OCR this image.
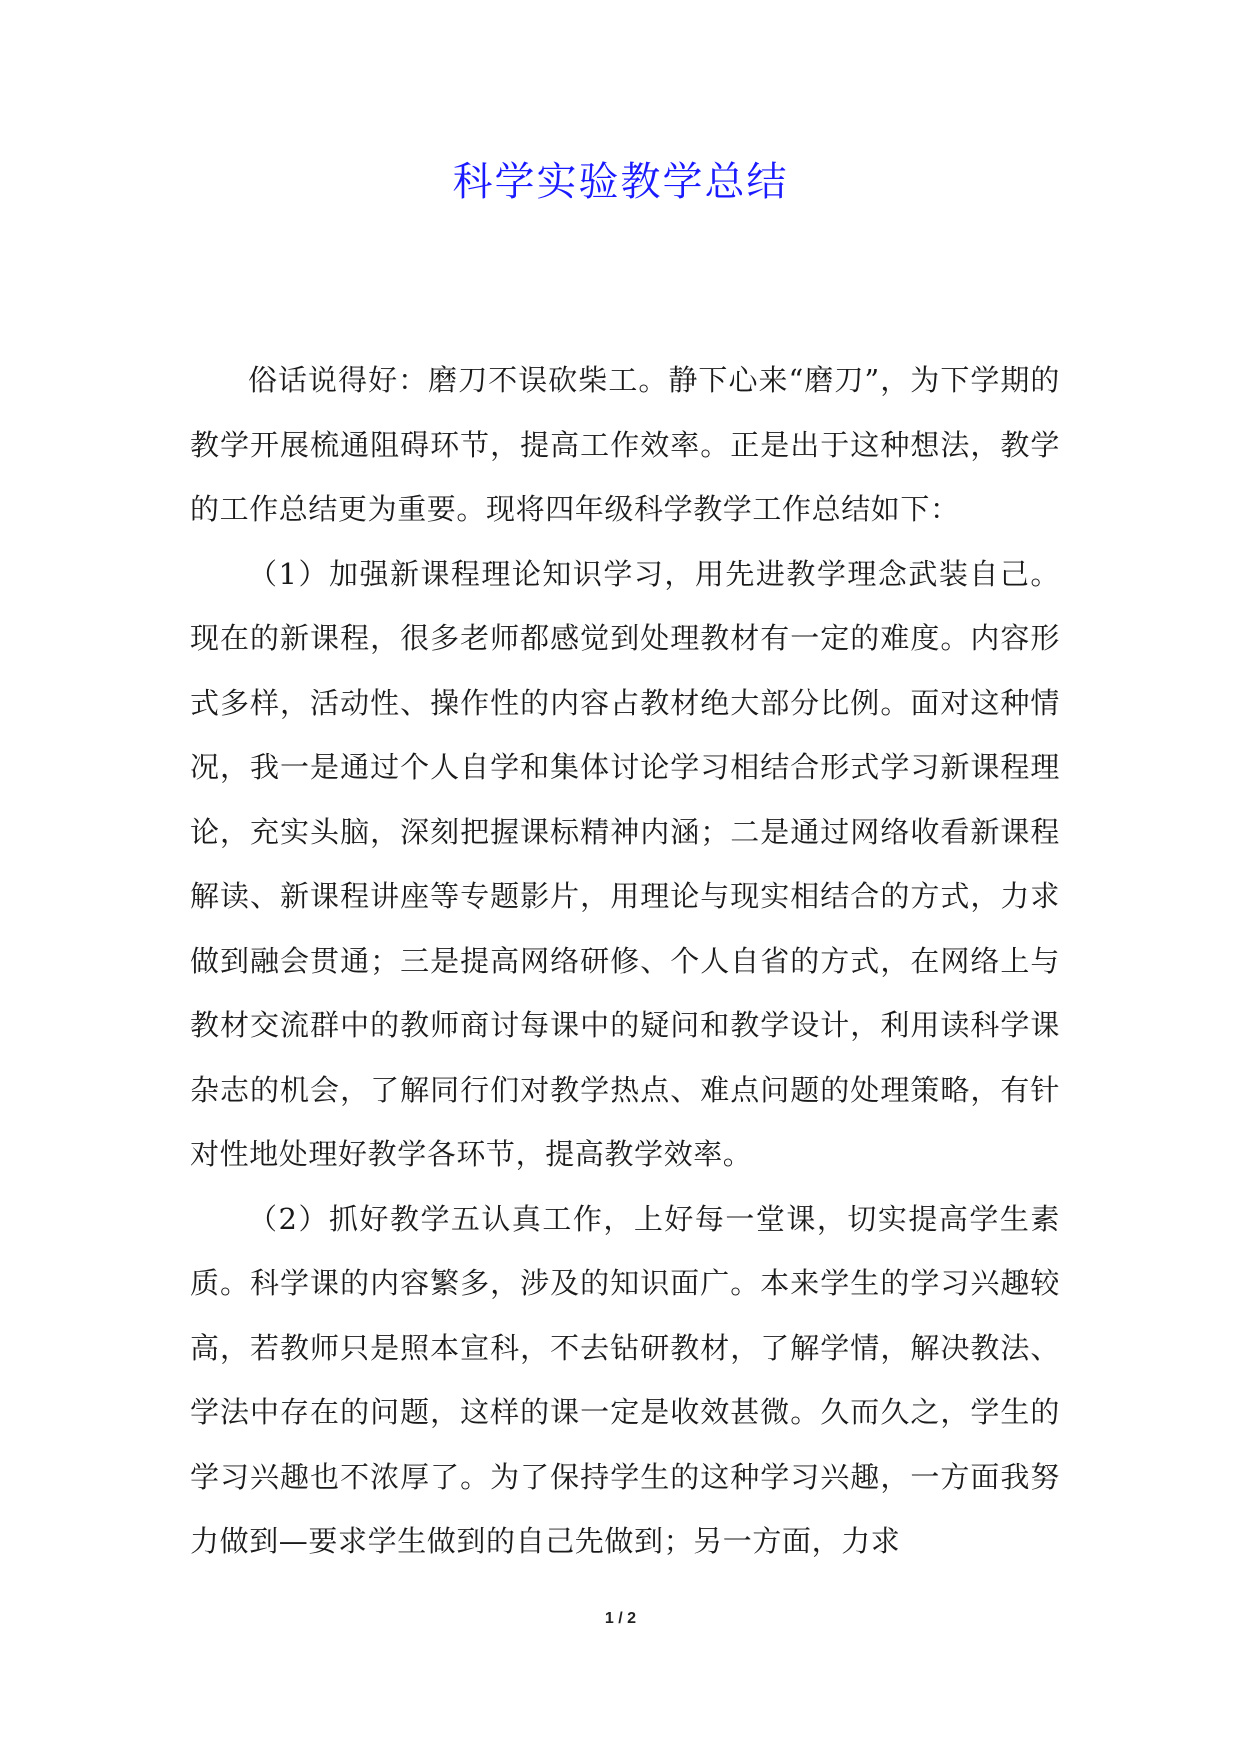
科学实验教学总结

俗话说得好：磨刀不误砍柴工。静下心来“磨刀”，为下学期的教学开展梳通阻碍环节，提高工作效率。正是出于这种想法，教学的工作总结更为重要。现将四年级科学教学工作总结如下：

（1）加强新课程理论知识学习，用先进教学理念武装自己。现在的新课程，很多老师都感觉到处理教材有一定的难度。内容形式多样，活动性、操作性的内容占教材绝大部分比例。面对这种情况，我一是通过个人自学和集体讨论学习相结合形式学习新课程理论，充实头脑，深刻把握课标精神内涵；二是通过网络收看新课程解读、新课程讲座等专题影片，用理论与现实相结合的方式，力求做到融会贯通；三是提高网络研修、个人自省的方式，在网络上与教材交流群中的教师商讨每课中的疑问和教学设计，利用读科学课杂志的机会，了解同行们对教学热点、难点问题的处理策略，有针对性地处理好教学各环节，提高教学效率。

（2）抓好教学五认真工作，上好每一堂课，切实提高学生素质。科学课的内容繁多，涉及的知识面广。本来学生的学习兴趣较高，若教师只是照本宣科，不去钻研教材，了解学情，解决教法、学法中存在的问题，这样的课一定是收效甚微。久而久之，学生的学习兴趣也不浓厚了。为了保持学生的这种学习兴趣，一方面我努力做到—要求学生做到的自己先做到；另一方面，力求

1 / 2
